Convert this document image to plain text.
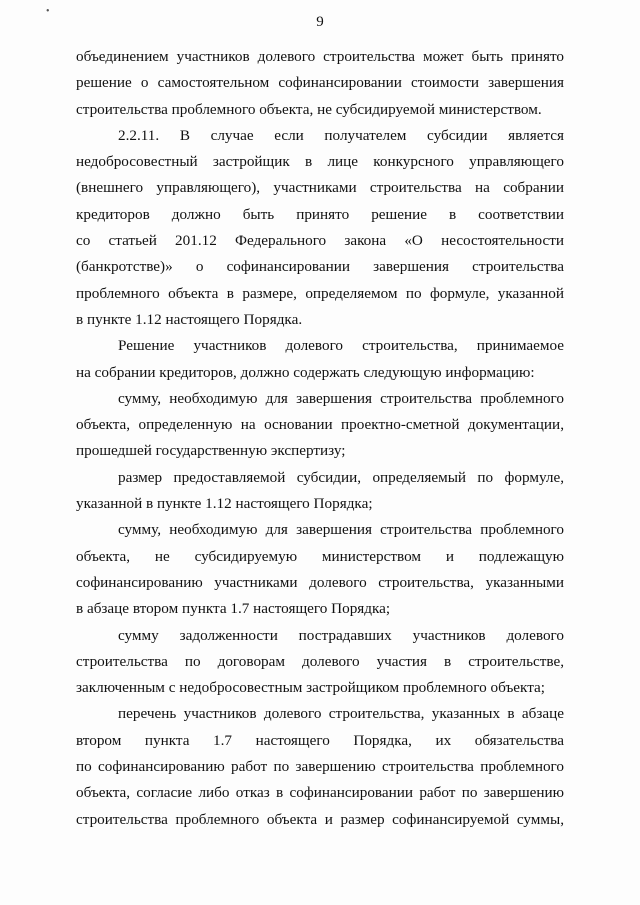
•
9

объединением участников долевого строительства может быть принято
решение о самостоятельном софинансировании стоимости завершения
строительства проблемного объекта, не субсидируемой министерством.

2.2.11. В случае если получателем субсидии является
недобросовестный застройщик в лице конкурсного управляющего
(внешнего управляющего), участниками строительства на собрании
кредиторов должно быть принято решение в соответствии
со статьей 201.12 Федерального закона «О несостоятельности
(банкротстве)» о софинансировании завершения строительства
проблемного объекта в размере, определяемом по формуле, указанной
в пункте 1.12 настоящего Порядка.

Решение участников долевого строительства, принимаемое
на собрании кредиторов, должно содержать следующую информацию:

сумму, необходимую для завершения строительства проблемного
объекта, определенную на основании проектно-сметной документации,
прошедшей государственную экспертизу;

размер предоставляемой субсидии, определяемый по формуле,
указанной в пункте 1.12 настоящего Порядка;

сумму, необходимую для завершения строительства проблемного
объекта, не субсидируемую министерством и подлежащую
софинансированию участниками долевого строительства, указанными
в абзаце втором пункта 1.7 настоящего Порядка;

сумму задолженности пострадавших участников долевого
строительства по договорам долевого участия в строительстве,
заключенным с недобросовестным застройщиком проблемного объекта;

перечень участников долевого строительства, указанных в абзаце
втором пункта 1.7 настоящего Порядка, их обязательства
по софинансированию работ по завершению строительства проблемного
объекта, согласие либо отказ в софинансировании работ по завершению
строительства проблемного объекта и размер софинансируемой суммы,
